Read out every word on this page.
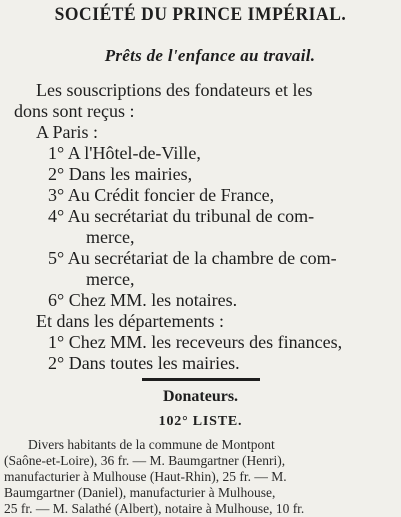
SOCIÉTÉ DU PRINCE IMPÉRIAL.
Prêts de l'enfance au travail.
Les souscriptions des fondateurs et les
dons sont reçus :
A Paris :
1° A l'Hôtel-de-Ville,
2° Dans les mairies,
3° Au Crédit foncier de France,
4° Au secrétariat du tribunal de com-
merce,
5° Au secrétariat de la chambre de com-
merce,
6° Chez MM. les notaires.
Et dans les départements :
1° Chez MM. les receveurs des finances,
2° Dans toutes les mairies.
Donateurs.
102° LISTE.
Divers habitants de la commune de Montpont
(Saône-et-Loire), 36 fr. — M. Baumgartner (Henri),
manufacturier à Mulhouse (Haut-Rhin), 25 fr. — M.
Baumgartner (Daniel), manufacturier à Mulhouse,
25 fr. — M. Salathé (Albert), notaire à Mulhouse, 10 fr.
